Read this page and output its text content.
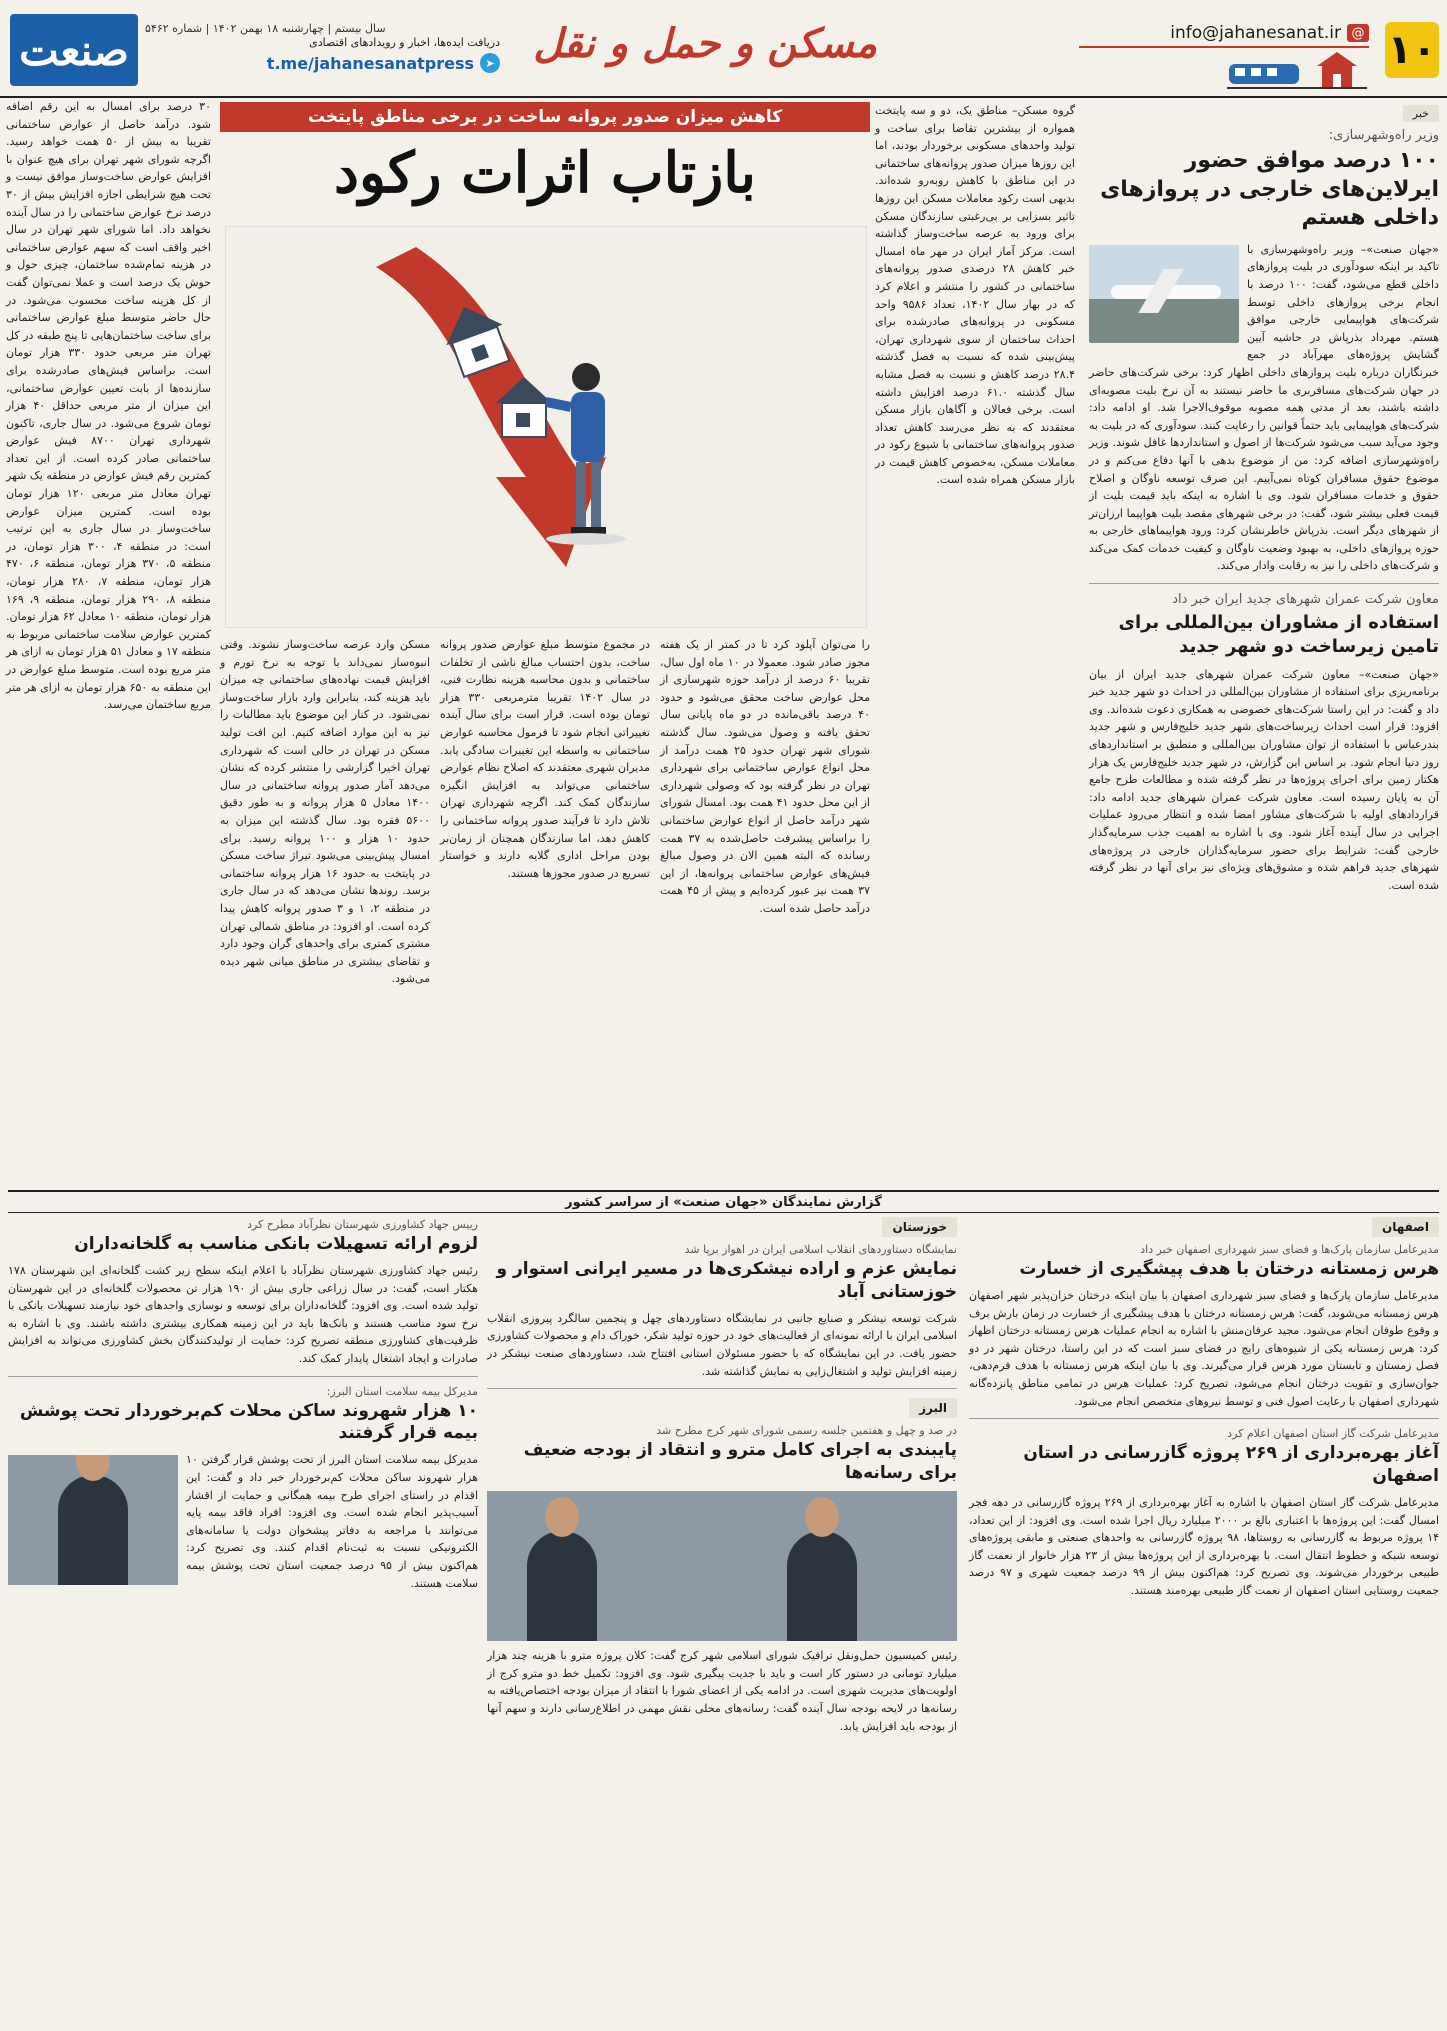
۱۰
info@jahanesanat.ir @
مسکن و حمل و نقل
دریافت ایده‌ها، اخبار و رویدادهای اقتصادی
t.me/jahanesanatpress	➤
سال بیستم | چهارشنبه ۱۸ بهمن ۱۴۰۲ | شماره ۵۴۶۲
صنعت
خبر
وزیر راه‌وشهرسازی:
۱۰۰ درصد موافق حضور ایرلاین‌های خارجی در پروازهای داخلی هستم
«جهان صنعت»– وزیر راه‌وشهرسازی با تاکید بر اینکه سودآوری در بلیت پروازهای داخلی قطع می‌شود، گفت: ۱۰۰ درصد با انجام برخی پروازهای داخلی توسط شرکت‌های هواپیمایی خارجی موافق هستم. مهرداد بذرپاش در حاشیه آیین گشایش پروژه‌های مهرآباد در جمع خبرنگاران درباره بلیت پروازهای داخلی اظهار کرد: برخی شرکت‌های حاضر در جهان شرکت‌های مسافربری ما حاضر نیستند به آن نرخ بلیت مصوبه‌ای داشته باشند، بعد از مدتی همه مصوبه موقوف‌الاجرا شد. او ادامه داد: شرکت‌های هواپیمایی باید حتماً قوانین را رعایت کنند. سودآوری که در بلیت به وجود می‌آید سبب می‌شود شرکت‌ها از اصول و استانداردها غافل شوند. وزیر راه‌وشهرسازی اضافه کرد: من از موضوع بدهی با آنها دفاع می‌کنم و در موضوع حقوق مسافران کوتاه نمی‌آییم. این صرف توسعه ناوگان و اصلاح حقوق و خدمات مسافران شود. وی با اشاره به اینکه باید قیمت بلیت از قیمت فعلی بیشتر شود، گفت: در برخی شهرهای مقصد بلیت هواپیما ارزان‌تر از شهرهای دیگر است. بذرپاش خاطرنشان کرد: ورود هواپیماهای خارجی به حوزه پروازهای داخلی، به بهبود وضعیت ناوگان و کیفیت خدمات کمک می‌کند و شرکت‌های داخلی را نیز به رقابت وادار می‌کند.
معاون شرکت عمران شهرهای جدید ایران خبر داد
استفاده از مشاوران بین‌المللی برای تامین زیرساخت دو شهر جدید
«جهان صنعت»– معاون شرکت عمران شهرهای جدید ایران از بیان برنامه‌ریزی برای استفاده از مشاوران بین‌المللی در احداث دو شهر جدید خبر داد و گفت: در این راستا شرکت‌های خصوصی به همکاری دعوت شده‌اند. وی افزود: قرار است احداث زیرساخت‌های شهر جدید خلیج‌فارس و شهر جدید بندرعباس با استفاده از توان مشاوران بین‌المللی و منطبق بر استانداردهای روز دنیا انجام شود. بر اساس این گزارش، در شهر جدید خلیج‌فارس یک هزار هکتار زمین برای اجرای پروژه‌ها در نظر گرفته شده و مطالعات طرح جامع آن به پایان رسیده است. معاون شرکت عمران شهرهای جدید ادامه داد: قراردادهای اولیه با شرکت‌های مشاور امضا شده و انتظار می‌رود عملیات اجرایی در سال آینده آغاز شود. وی با اشاره به اهمیت جذب سرمایه‌گذار خارجی گفت: شرایط برای حضور سرمایه‌گذاران خارجی در پروژه‌های شهرهای جدید فراهم شده و مشوق‌های ویژه‌ای نیز برای آنها در نظر گرفته شده است.
گروه مسکن– مناطق یک، دو و سه پایتخت همواره از بیشترین تقاضا برای ساخت و تولید واحدهای مسکونی برخوردار بودند، اما این روزها میزان صدور پروانه‌های ساختمانی در این مناطق با کاهش روبه‌رو شده‌اند. بدیهی است رکود معاملات مسکن این روزها تاثیر بسزایی بر بی‌رغبتی سازندگان مسکن برای ورود به عرصه ساخت‌وساز گذاشته است. مرکز آمار ایران در مهر ماه امسال خبر کاهش ۲۸ درصدی صدور پروانه‌های ساختمانی در کشور را منتشر و اعلام کرد که در بهار سال ۱۴۰۲، تعداد ۹۵۸۶ واحد مسکونی در پروانه‌های صادرشده برای احداث ساختمان از سوی شهرداری تهران، پیش‌بینی شده که نسبت به فصل گذشته ۲۸.۴ درصد کاهش و نسبت به فصل مشابه سال گذشته ۶۱.۰ درصد افزایش داشته است. برخی فعالان و آگاهان بازار مسکن معتقدند که به نظر می‌رسد کاهش تعداد صدور پروانه‌های ساختمانی با شیوع رکود در معاملات مسکن، به‌خصوص کاهش قیمت در بازار مسکن همراه شده است.
کاهش میزان صدور پروانه ساخت در برخی مناطق پایتخت
بازتاب اثرات رکود
مسکن وارد عرصه ساخت‌وساز نشوند. وقتی انبوه‌ساز نمی‌داند با توجه به نرخ تورم و افزایش قیمت نهاده‌های ساختمانی چه میزان باید هزینه کند، بنابراین وارد بازار ساخت‌وساز نمی‌شود. در کنار این موضوع باید مطالبات را نیز به این موارد اضافه کنیم. این افت تولید مسکن در تهران در حالی است که شهرداری تهران اخیرا گزارشی را منتشر کرده که نشان می‌دهد آمار صدور پروانه ساختمانی در سال ۱۴۰۰ معادل ۵ هزار پروانه و به طور دقیق ۵۶۰۰ فقره بود. سال گذشته این میزان به حدود ۱۰ هزار و ۱۰۰ پروانه رسید. برای امسال پیش‌بینی می‌شود تیراژ ساخت مسکن در پایتخت به حدود ۱۶ هزار پروانه ساختمانی برسد. روندها نشان می‌دهد که در سال جاری در منطقه ۲، ۱ و ۳ صدور پروانه کاهش پیدا کرده است. او افزود: در مناطق شمالی تهران مشتری کمتری برای واحدهای گران وجود دارد و تقاضای بیشتری در مناطق میانی شهر دیده می‌شود.
در مجموع متوسط مبلغ عوارض صدور پروانه ساخت، بدون احتساب مبالغ ناشی از تخلفات ساختمانی و بدون محاسبه هزینه نظارت فنی، در سال ۱۴۰۲ تقریبا مترمربعی ۳۳۰ هزار تومان بوده است. قرار است برای سال آینده تغییراتی انجام شود تا فرمول محاسبه عوارض ساختمانی به واسطه این تغییرات سادگی یابد. مدیران شهری معتقدند که اصلاح نظام عوارض ساختمانی می‌تواند به افزایش انگیزه سازندگان کمک کند. اگرچه شهرداری تهران تلاش دارد تا فرآیند صدور پروانه ساختمانی را کاهش دهد، اما سازندگان همچنان از زمان‌بر بودن مراحل اداری گلایه دارند و خواستار تسریع در صدور مجوزها هستند.
را می‌توان آپلود کرد تا در کمتر از یک هفته مجوز صادر شود. معمولا در ۱۰ ماه اول سال، تقریبا ۶۰ درصد از درآمد حوزه شهرسازی از محل عوارض ساخت محقق می‌شود و حدود ۴۰ درصد باقی‌مانده در دو ماه پایانی سال تحقق یافته و وصول می‌شود. سال گذشته شورای شهر تهران حدود ۲۵ همت درآمد از محل انواع عوارض ساختمانی برای شهرداری تهران در نظر گرفته بود که وصولی شهرداری از این محل حدود ۴۱ همت بود. امسال شورای شهر درآمد حاصل از انواع عوارض ساختمانی را براساس پیشرفت حاصل‌شده به ۳۷ همت رسانده که البته همین الان در وصول مبالغ فیش‌های عوارض ساختمانی پروانه‌ها، از این ۳۷ همت نیز عبور کرده‌ایم و پیش از ۴۵ همت درآمد حاصل شده است.
۳۰ درصد برای امسال به این رقم اضافه شود. درآمد حاصل از عوارض ساختمانی تقریبا به بیش از ۵۰ همت خواهد رسید. اگرچه شورای شهر تهران برای هیچ عنوان با افزایش عوارض ساخت‌وساز موافق نیست و تحت هیچ شرایطی اجازه افزایش بیش از ۳۰ درصد نرخ عوارض ساختمانی را در سال آینده نخواهد داد. اما شورای شهر تهران در سال اخیر واقف است که سهم عوارض ساختمانی در هزینه تمام‌شده ساختمان، چیزی حول و حوش یک درصد است و عملا نمی‌توان گفت از کل هزینه ساخت محسوب می‌شود. در حال حاضر متوسط مبلغ عوارض ساختمانی برای ساخت ساختمان‌هایی تا پنج طبقه در کل تهران متر مربعی حدود ۳۳۰ هزار تومان است. براساس فیش‌های صادرشده برای سازنده‌ها از بابت تعیین عوارض ساختمانی، این میزان از متر مربعی حداقل ۴۰ هزار تومان شروع می‌شود. در سال جاری، تاکنون شهرداری تهران ۸۷۰۰ فیش عوارض ساختمانی صادر کرده است. از این تعداد کمترین رقم فیش عوارض در منطقه یک شهر تهران معادل متر مربعی ۱۲۰ هزار تومان بوده است. کمترین میزان عوارض ساخت‌وساز در سال جاری به این ترتیب است: در منطقه ۴، ۳۰۰ هزار تومان، در منطقه ۵، ۳۷۰ هزار تومان، منطقه ۶، ۴۷۰ هزار تومان، منطقه ۷، ۲۸۰ هزار تومان، منطقه ۸، ۲۹۰ هزار تومان، منطقه ۹، ۱۶۹ هزار تومان، منطقه ۱۰ معادل ۶۲ هزار تومان. کمترین عوارض سلامت ساختمانی مربوط به منطقه ۱۷ و معادل ۵۱ هزار تومان به ازای هر متر مربع بوده است. متوسط مبلغ عوارض در این منطقه به ۶۵۰ هزار تومان به ازای هر متر مربع ساختمان می‌رسد.
گزارش نمایندگان «جهان صنعت» از سراسر کشور
اصفهان
مدیرعامل سازمان پارک‌ها و فضای سبز شهرداری اصفهان خبر داد
هرس زمستانه درختان با هدف پیشگیری از خسارت
مدیرعامل سازمان پارک‌ها و فضای سبز شهرداری اصفهان با بیان اینکه درختان خزان‌پذیر شهر اصفهان هرس زمستانه می‌شوند، گفت: هرس زمستانه درختان با هدف پیشگیری از خسارت در زمان بارش برف و وقوع طوفان انجام می‌شود. مجید عرفان‌منش با اشاره به انجام عملیات هرس زمستانه درختان اظهار کرد: هرس زمستانه یکی از شیوه‌های رایج در فضای سبز است که در این راستا، درختان شهر در دو فصل زمستان و تابستان مورد هرس قرار می‌گیرند. وی با بیان اینکه هرس زمستانه با هدف فرم‌دهی، جوان‌سازی و تقویت درختان انجام می‌شود، تصریح کرد: عملیات هرس در تمامی مناطق پانزده‌گانه شهرداری اصفهان با رعایت اصول فنی و توسط نیروهای متخصص انجام می‌شود.
مدیرعامل شرکت گاز استان اصفهان اعلام کرد
آغاز بهره‌برداری از ۲۶۹ پروژه گازرسانی در استان اصفهان
مدیرعامل شرکت گاز استان اصفهان با اشاره به آغاز بهره‌برداری از ۲۶۹ پروژه گازرسانی در دهه فجر امسال گفت: این پروژه‌ها با اعتباری بالغ بر ۲۰۰۰ میلیارد ریال اجرا شده است. وی افزود: از این تعداد، ۱۴ پروژه مربوط به گازرسانی به روستاها، ۹۸ پروژه گازرسانی به واحدهای صنعتی و مابقی پروژه‌های توسعه شبکه و خطوط انتقال است. با بهره‌برداری از این پروژه‌ها بیش از ۲۳ هزار خانوار از نعمت گاز طبیعی برخوردار می‌شوند. وی تصریح کرد: هم‌اکنون بیش از ۹۹ درصد جمعیت شهری و ۹۷ درصد جمعیت روستایی استان اصفهان از نعمت گاز طبیعی بهره‌مند هستند.
خوزستان
نمایشگاه دستاوردهای انقلاب اسلامی ایران در اهواز برپا شد
نمایش عزم و اراده نیشکری‌ها در مسیر ایرانی استوار و خوزستانی آباد
شرکت توسعه نیشکر و صنایع جانبی در نمایشگاه دستاوردهای چهل و پنجمین سالگرد پیروزی انقلاب اسلامی ایران با ارائه نمونه‌ای از فعالیت‌های خود در حوزه تولید شکر، خوراک دام و محصولات کشاورزی حضور یافت. در این نمایشگاه که با حضور مسئولان استانی افتتاح شد، دستاوردهای صنعت نیشکر در زمینه افزایش تولید و اشتغال‌زایی به نمایش گذاشته شد.
البرز
در صد و چهل و هفتمین جلسه رسمی شورای شهر کرج مطرح شد
پایبندی به اجرای کامل مترو و انتقاد از بودجه ضعیف برای رسانه‌ها
رئیس کمیسیون حمل‌ونقل ترافیک شورای اسلامی شهر کرج گفت: کلان پروژه مترو با هزینه چند هزار میلیارد تومانی در دستور کار است و باید با جدیت پیگیری شود. وی افزود: تکمیل خط دو مترو کرج از اولویت‌های مدیریت شهری است. در ادامه یکی از اعضای شورا با انتقاد از میزان بودجه اختصاص‌یافته به رسانه‌ها در لایحه بودجه سال آینده گفت: رسانه‌های محلی نقش مهمی در اطلاع‌رسانی دارند و سهم آنها از بودجه باید افزایش یابد.
رییس جهاد کشاورزی شهرستان نظرآباد مطرح کرد
لزوم ارائه تسهیلات بانکی مناسب به گلخانه‌داران
رئیس جهاد کشاورزی شهرستان نظرآباد با اعلام اینکه سطح زیر کشت گلخانه‌ای این شهرستان ۱۷۸ هکتار است، گفت: در سال زراعی جاری بیش از ۱۹۰ هزار تن محصولات گلخانه‌ای در این شهرستان تولید شده است. وی افزود: گلخانه‌داران برای توسعه و نوسازی واحدهای خود نیازمند تسهیلات بانکی با نرخ سود مناسب هستند و بانک‌ها باید در این زمینه همکاری بیشتری داشته باشند. وی با اشاره به ظرفیت‌های کشاورزی منطقه تصریح کرد: حمایت از تولیدکنندگان بخش کشاورزی می‌تواند به افزایش صادرات و ایجاد اشتغال پایدار کمک کند.
مدیرکل بیمه سلامت استان البرز:
۱۰ هزار شهروند ساکن محلات کم‌برخوردار تحت پوشش بیمه قرار گرفتند
مدیرکل بیمه سلامت استان البرز از تحت پوشش قرار گرفتن ۱۰ هزار شهروند ساکن محلات کم‌برخوردار خبر داد و گفت: این اقدام در راستای اجرای طرح بیمه همگانی و حمایت از اقشار آسیب‌پذیر انجام شده است. وی افزود: افراد فاقد بیمه پایه می‌توانند با مراجعه به دفاتر پیشخوان دولت یا سامانه‌های الکترونیکی نسبت به ثبت‌نام اقدام کنند. وی تصریح کرد: هم‌اکنون بیش از ۹۵ درصد جمعیت استان تحت پوشش بیمه سلامت هستند.
